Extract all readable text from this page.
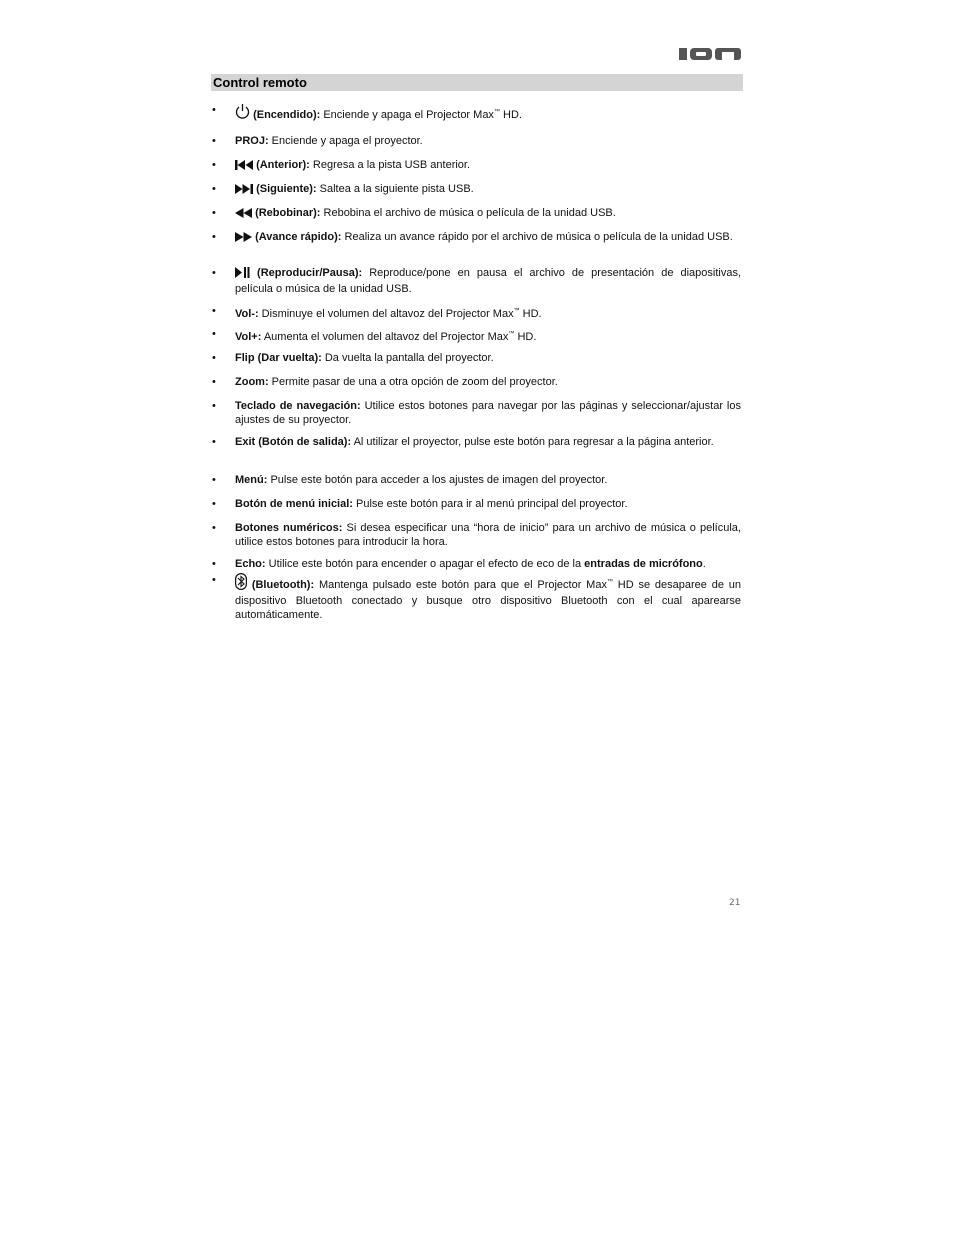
Control remoto
• (Encendido): Enciende y apaga el Projector Max™ HD.
• PROJ: Enciende y apaga el proyector.
• (Anterior): Regresa a la pista USB anterior.
• (Siguiente): Saltea a la siguiente pista USB.
• (Rebobinar): Rebobina el archivo de música o película de la unidad USB.
• (Avance rápido): Realiza un avance rápido por el archivo de música o película de la unidad USB.
• (Reproducir/Pausa): Reproduce/pone en pausa el archivo de presentación de diapositivas, película o música de la unidad USB.
• Vol-: Disminuye el volumen del altavoz del Projector Max™ HD.
• Vol+: Aumenta el volumen del altavoz del Projector Max™ HD.
• Flip (Dar vuelta): Da vuelta la pantalla del proyector.
• Zoom: Permite pasar de una a otra opción de zoom del proyector.
• Teclado de navegación: Utilice estos botones para navegar por las páginas y seleccionar/ajustar los ajustes de su proyector.
• Exit (Botón de salida): Al utilizar el proyector, pulse este botón para regresar a la página anterior.
• Menú: Pulse este botón para acceder a los ajustes de imagen del proyector.
• Botón de menú inicial: Pulse este botón para ir al menú principal del proyector.
• Botones numéricos: Si desea especificar una “hora de inicio” para un archivo de música o película, utilice estos botones para introducir la hora.
• Echo: Utilice este botón para encender o apagar el efecto de eco de la entradas de micrófono.
• (Bluetooth): Mantenga pulsado este botón para que el Projector Max™ HD se desaparee de un dispositivo Bluetooth conectado y busque otro dispositivo Bluetooth con el cual aparearse automáticamente.
21
